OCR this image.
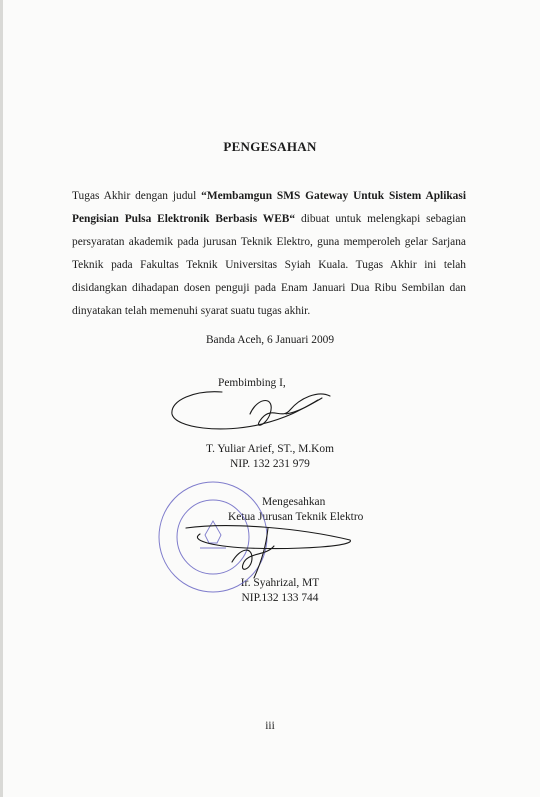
PENGESAHAN
Tugas Akhir dengan judul “Membamgun SMS Gateway Untuk Sistem Aplikasi Pengisian Pulsa Elektronik Berbasis WEB“ dibuat untuk melengkapi sebagian persyaratan akademik pada jurusan Teknik Elektro, guna memperoleh gelar Sarjana Teknik pada Fakultas Teknik Universitas Syiah Kuala. Tugas Akhir ini telah disidangkan dihadapan dosen penguji pada Enam Januari Dua Ribu Sembilan dan dinyatakan telah memenuhi syarat suatu tugas akhir.
Banda Aceh, 6 Januari 2009
Pembimbing I,
T. Yuliar Arief, ST., M.Kom
NIP. 132 231 979
Mengesahkan
Ketua Jurusan Teknik Elektro
Ir. Syahrizal, MT
NIP.132 133 744
iii
